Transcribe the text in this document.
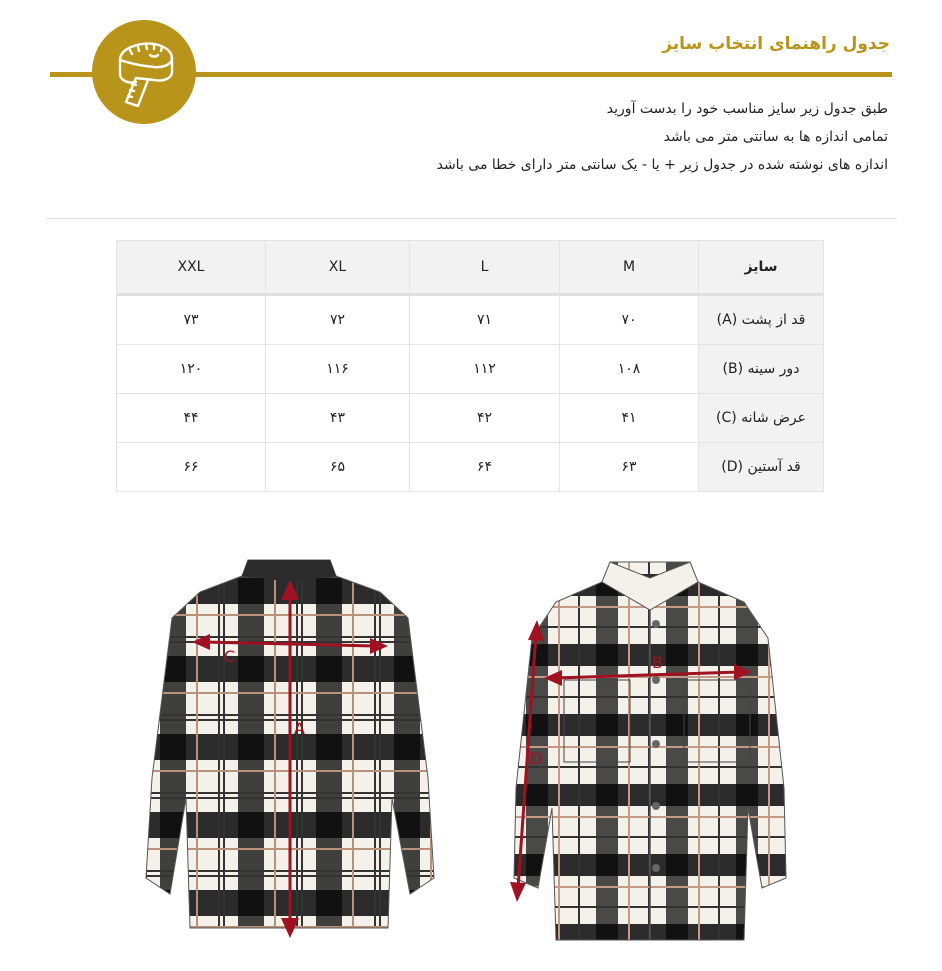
جدول راهنمای انتخاب سایز
طبق جدول زیر سایز مناسب خود را بدست آورید
تمامی اندازه ها به سانتی متر می باشد
اندازه های نوشته شده در جدول زیر + یا - یک سانتی متر دارای خطا می باشد
سایز	M	L	XL	XXL
قد از پشت (A)	۷۰	۷۱	۷۲	۷۳
دور سینه (B)	۱۰۸	۱۱۲	۱۱۶	۱۲۰
عرض شانه (C)	۴۱	۴۲	۴۳	۴۴
قد آستین (D)	۶۳	۶۴	۶۵	۶۶
A
C	B
D
